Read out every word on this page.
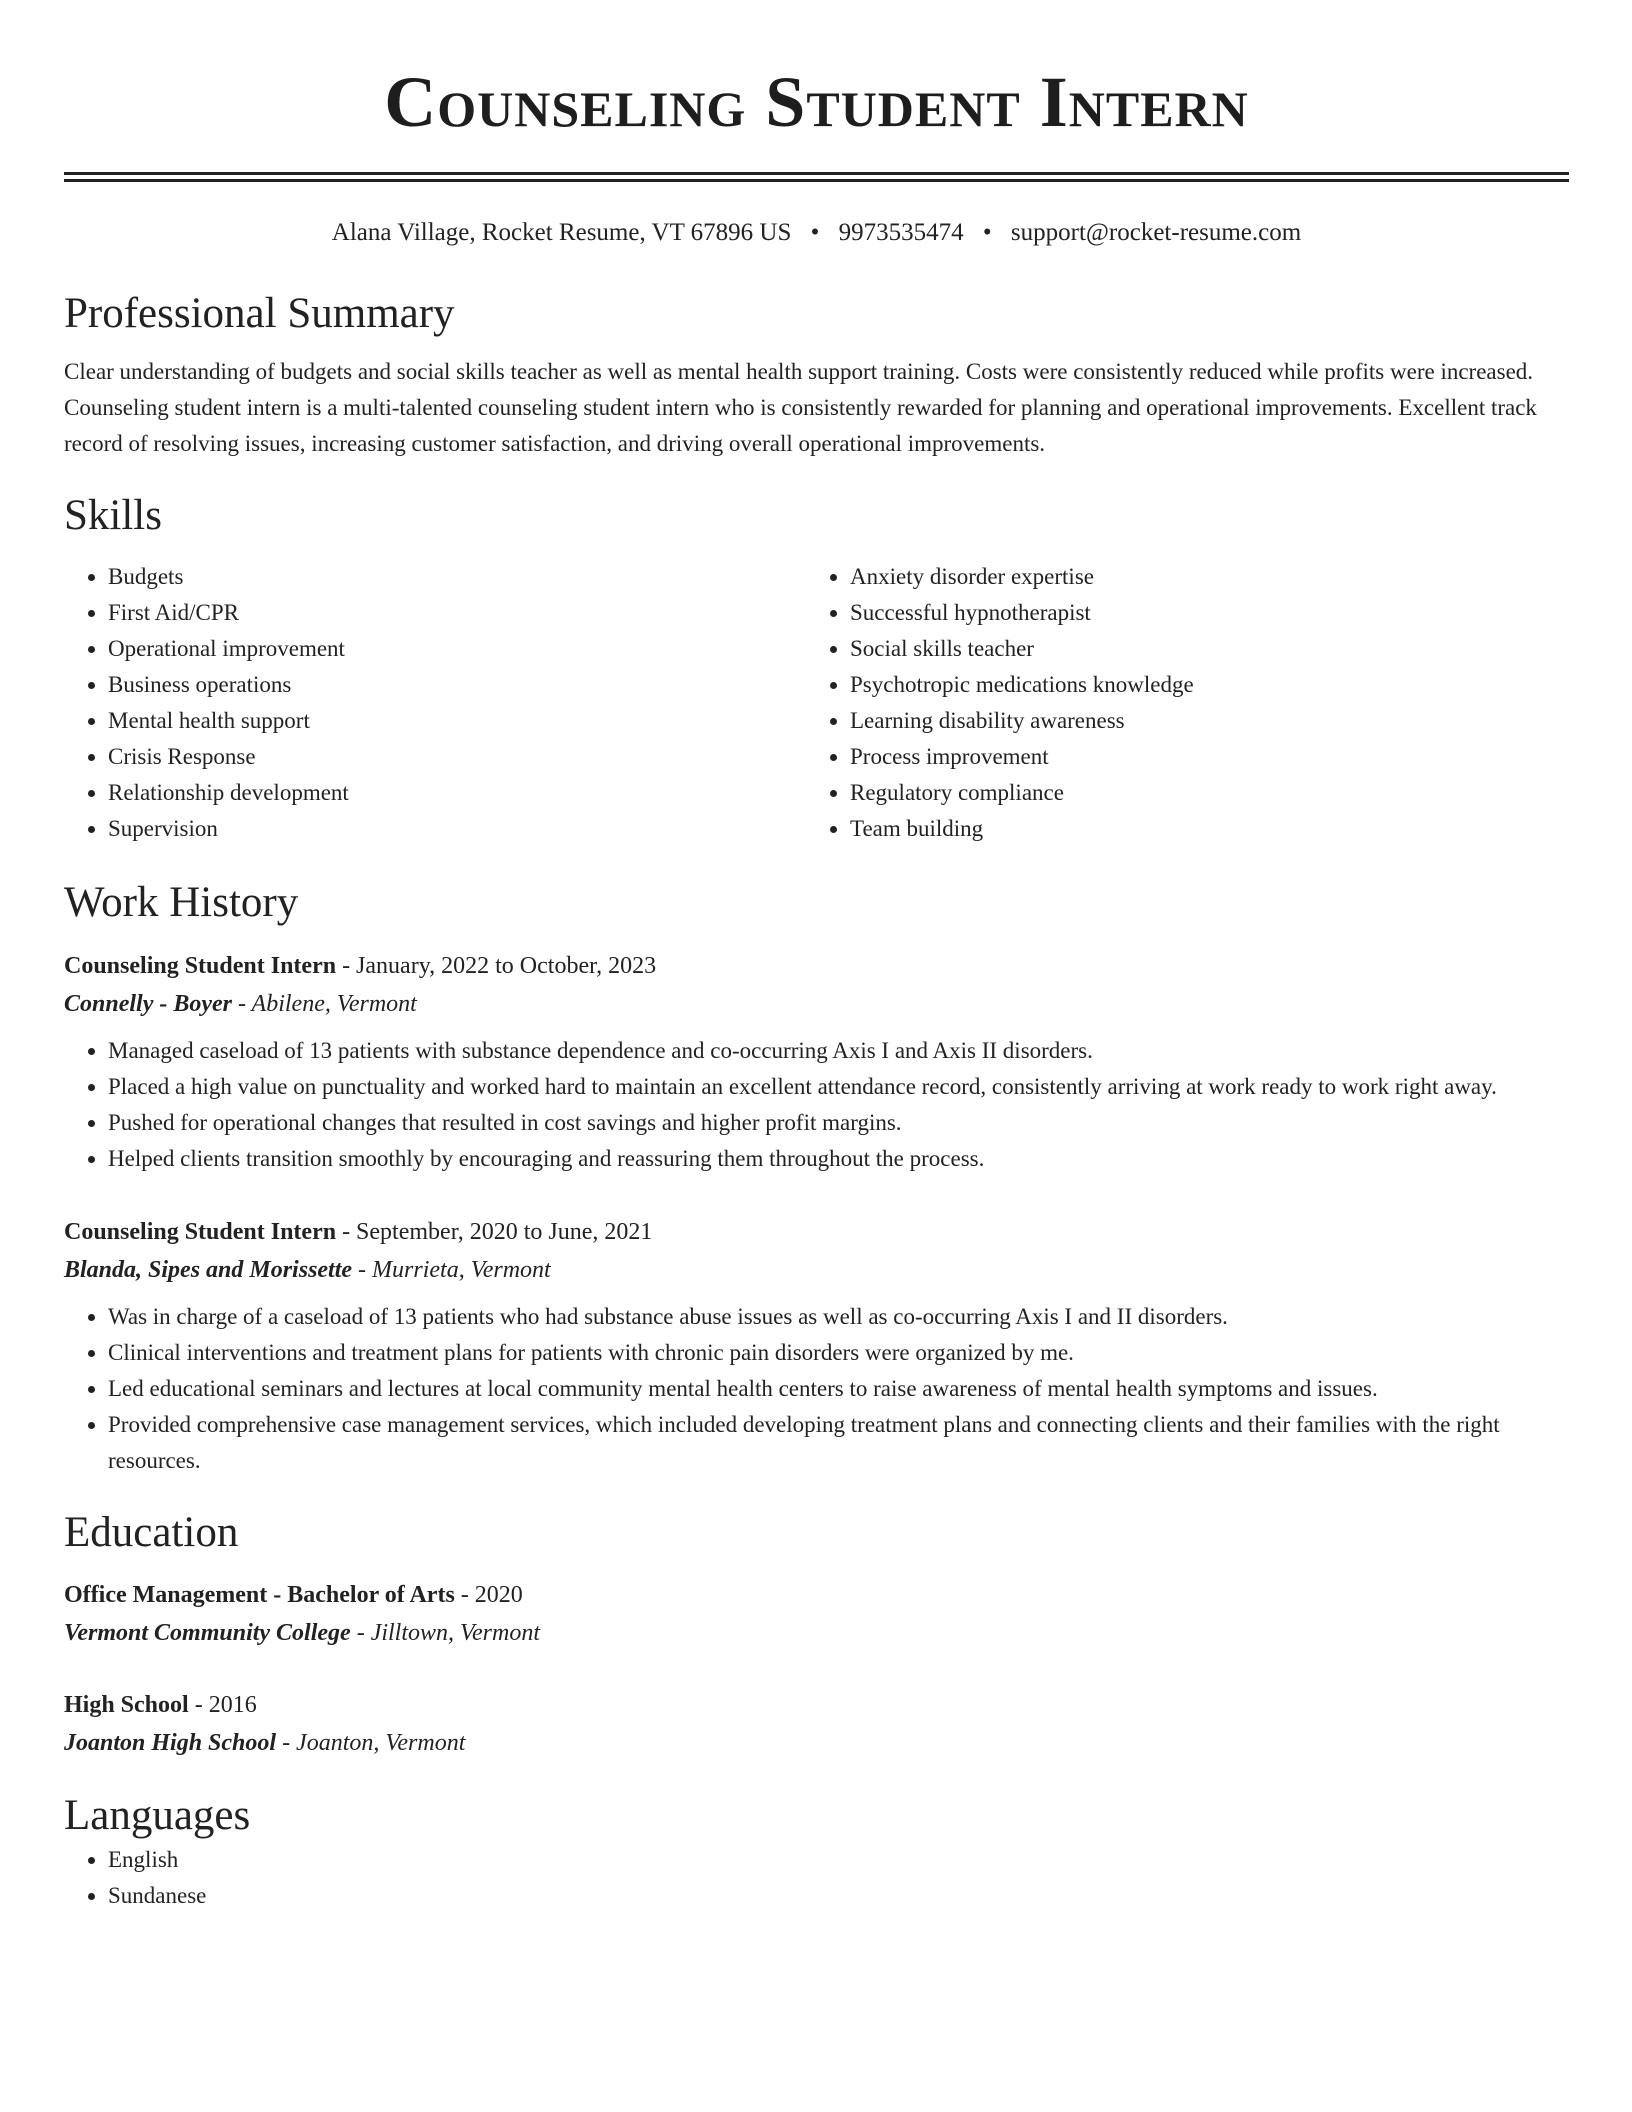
Counseling Student Intern
Alana Village, Rocket Resume, VT 67896 US • 9973535474 • support@rocket-resume.com
Professional Summary

Clear understanding of budgets and social skills teacher as well as mental health support training. Costs were consistently reduced while profits were increased. Counseling student intern is a multi-talented counseling student intern who is consistently rewarded for planning and operational improvements. Excellent track record of resolving issues, increasing customer satisfaction, and driving overall operational improvements.

Skills
• Budgets
• First Aid/CPR
• Operational improvement
• Business operations
• Mental health support
• Crisis Response
• Relationship development
• Supervision
• Anxiety disorder expertise
• Successful hypnotherapist
• Social skills teacher
• Psychotropic medications knowledge
• Learning disability awareness
• Process improvement
• Regulatory compliance
• Team building
Work History
Counseling Student Intern - January, 2022 to October, 2023
Connelly - Boyer - Abilene, Vermont
• Managed caseload of 13 patients with substance dependence and co-occurring Axis I and Axis II disorders.
• Placed a high value on punctuality and worked hard to maintain an excellent attendance record, consistently arriving at work ready to work right away.
• Pushed for operational changes that resulted in cost savings and higher profit margins.
• Helped clients transition smoothly by encouraging and reassuring them throughout the process.
Counseling Student Intern - September, 2020 to June, 2021
Blanda, Sipes and Morissette - Murrieta, Vermont
• Was in charge of a caseload of 13 patients who had substance abuse issues as well as co-occurring Axis I and II disorders.
• Clinical interventions and treatment plans for patients with chronic pain disorders were organized by me.
• Led educational seminars and lectures at local community mental health centers to raise awareness of mental health symptoms and issues.
• Provided comprehensive case management services, which included developing treatment plans and connecting clients and their families with the right resources.
Education
Office Management - Bachelor of Arts - 2020
Vermont Community College - Jilltown, Vermont
High School - 2016
Joanton High School - Joanton, Vermont
Languages
• English
• Sundanese
